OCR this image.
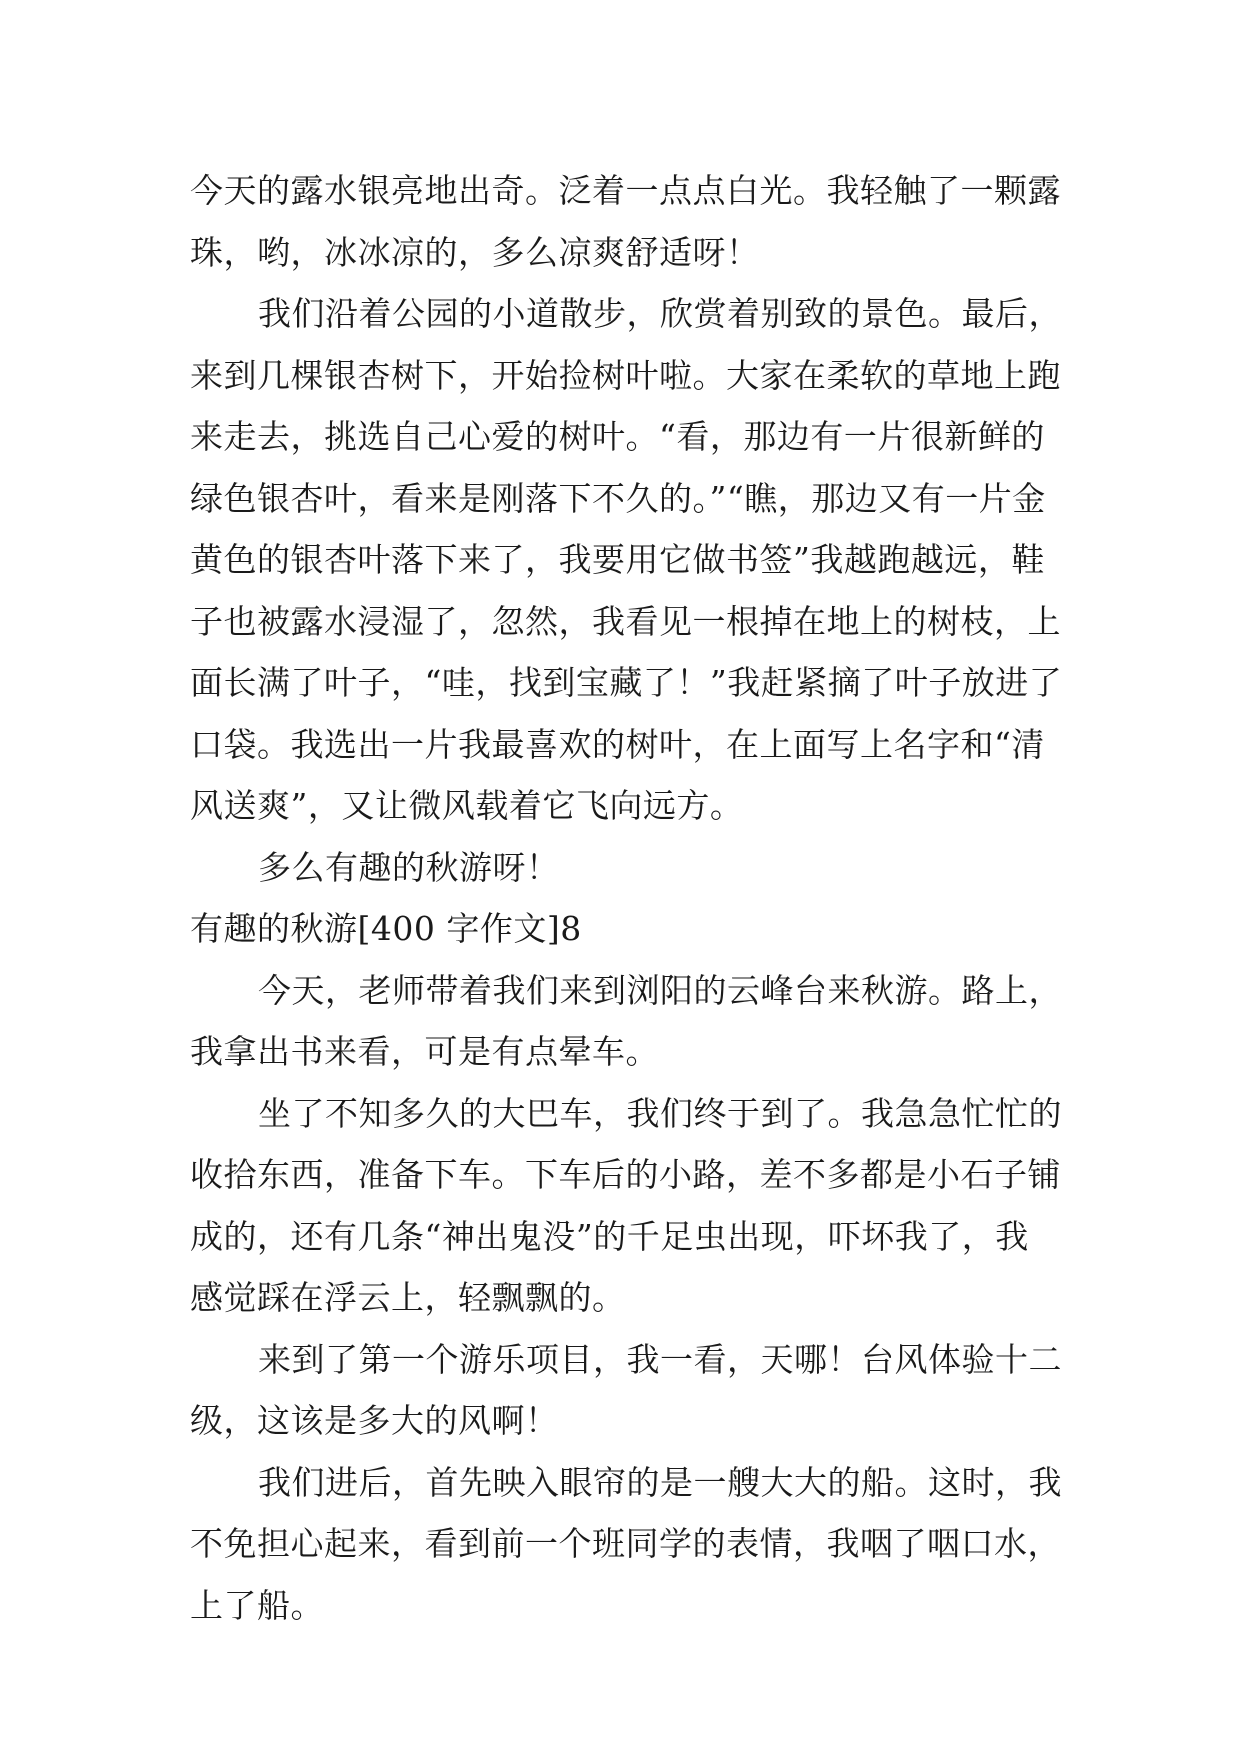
今天的露水银亮地出奇。泛着一点点白光。我轻触了一颗露
珠，哟，冰冰凉的，多么凉爽舒适呀！

我们沿着公园的小道散步，欣赏着别致的景色。最后，
来到几棵银杏树下，开始捡树叶啦。大家在柔软的草地上跑
来走去，挑选自己心爱的树叶。“看，那边有一片很新鲜的
绿色银杏叶，看来是刚落下不久的。”“瞧，那边又有一片金
黄色的银杏叶落下来了，我要用它做书签”我越跑越远，鞋
子也被露水浸湿了，忽然，我看见一根掉在地上的树枝，上
面长满了叶子，“哇，找到宝藏了！”我赶紧摘了叶子放进了
口袋。我选出一片我最喜欢的树叶，在上面写上名字和“清
风送爽”，又让微风载着它飞向远方。

多么有趣的秋游呀！

有趣的秋游[400 字作文]8

今天，老师带着我们来到浏阳的云峰台来秋游。路上，
我拿出书来看，可是有点晕车。

坐了不知多久的大巴车，我们终于到了。我急急忙忙的
收拾东西，准备下车。下车后的小路，差不多都是小石子铺
成的，还有几条“神出鬼没”的千足虫出现，吓坏我了，我
感觉踩在浮云上，轻飘飘的。

来到了第一个游乐项目，我一看，天哪！台风体验十二
级，这该是多大的风啊！

我们进后，首先映入眼帘的是一艘大大的船。这时，我
不免担心起来，看到前一个班同学的表情，我咽了咽口水，
上了船。
